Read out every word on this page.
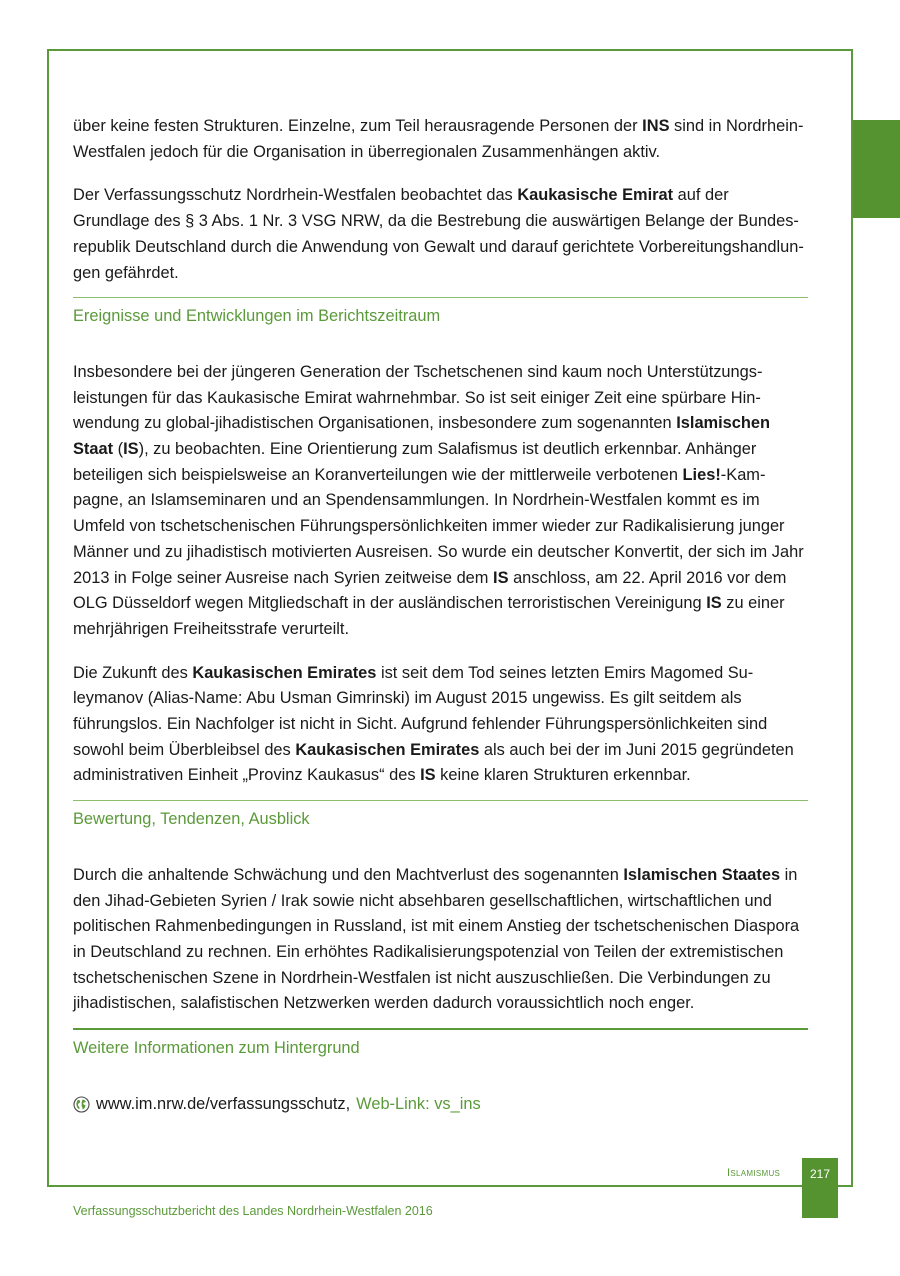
über keine festen Strukturen. Einzelne, zum Teil herausragende Personen der INS sind in Nordrhein-Westfalen jedoch für die Organisation in überregionalen Zusammenhängen aktiv.

Der Verfassungsschutz Nordrhein-Westfalen beobachtet das Kaukasische Emirat auf der Grundlage des § 3 Abs. 1 Nr. 3 VSG NRW, da die Bestrebung die auswärtigen Belange der Bundesrepublik Deutschland durch die Anwendung von Gewalt und darauf gerichtete Vorbereitungshandlungen gefährdet.

Ereignisse und Entwicklungen im Berichtszeitraum

Insbesondere bei der jüngeren Generation der Tschetschenen sind kaum noch Unterstützungsleistungen für das Kaukasische Emirat wahrnehmbar. So ist seit einiger Zeit eine spürbare Hinwendung zu global-jihadistischen Organisationen, insbesondere zum sogenannten Islamischen Staat (IS), zu beobachten. Eine Orientierung zum Salafismus ist deutlich erkennbar. Anhänger beteiligen sich beispielsweise an Koranverteilungen wie der mittlerweile verbotenen Lies!-Kampagne, an Islamseminaren und an Spendensammlungen. In Nordrhein-Westfalen kommt es im Umfeld von tschetschenischen Führungspersönlichkeiten immer wieder zur Radikalisierung junger Männer und zu jihadistisch motivierten Ausreisen. So wurde ein deutscher Konvertit, der sich im Jahr 2013 in Folge seiner Ausreise nach Syrien zeitweise dem IS anschloss, am 22. April 2016 vor dem OLG Düsseldorf wegen Mitgliedschaft in der ausländischen terroristischen Vereinigung IS zu einer mehrjährigen Freiheitsstrafe verurteilt.

Die Zukunft des Kaukasischen Emirates ist seit dem Tod seines letzten Emirs Magomed Suleymanov (Alias-Name: Abu Usman Gimrinski) im August 2015 ungewiss. Es gilt seitdem als führungslos. Ein Nachfolger ist nicht in Sicht. Aufgrund fehlender Führungspersönlichkeiten sind sowohl beim Überbleibsel des Kaukasischen Emirates als auch bei der im Juni 2015 gegründeten administrativen Einheit „Provinz Kaukasus“ des IS keine klaren Strukturen erkennbar.

Bewertung, Tendenzen, Ausblick

Durch die anhaltende Schwächung und den Machtverlust des sogenannten Islamischen Staates in den Jihad-Gebieten Syrien / Irak sowie nicht absehbaren gesellschaftlichen, wirtschaftlichen und politischen Rahmenbedingungen in Russland, ist mit einem Anstieg der tschetschenischen Diaspora in Deutschland zu rechnen. Ein erhöhtes Radikalisierungspotenzial von Teilen der extremistischen tschetschenischen Szene in Nordrhein-Westfalen ist nicht auszuschließen. Die Verbindungen zu jihadistischen, salafistischen Netzwerken werden dadurch voraussichtlich noch enger.

Weitere Informationen zum Hintergrund
www.im.nrw.de/verfassungsschutz, Web-Link: vs_ins
Islamismus	217
Verfassungsschutzbericht des Landes Nordrhein-Westfalen 2016
